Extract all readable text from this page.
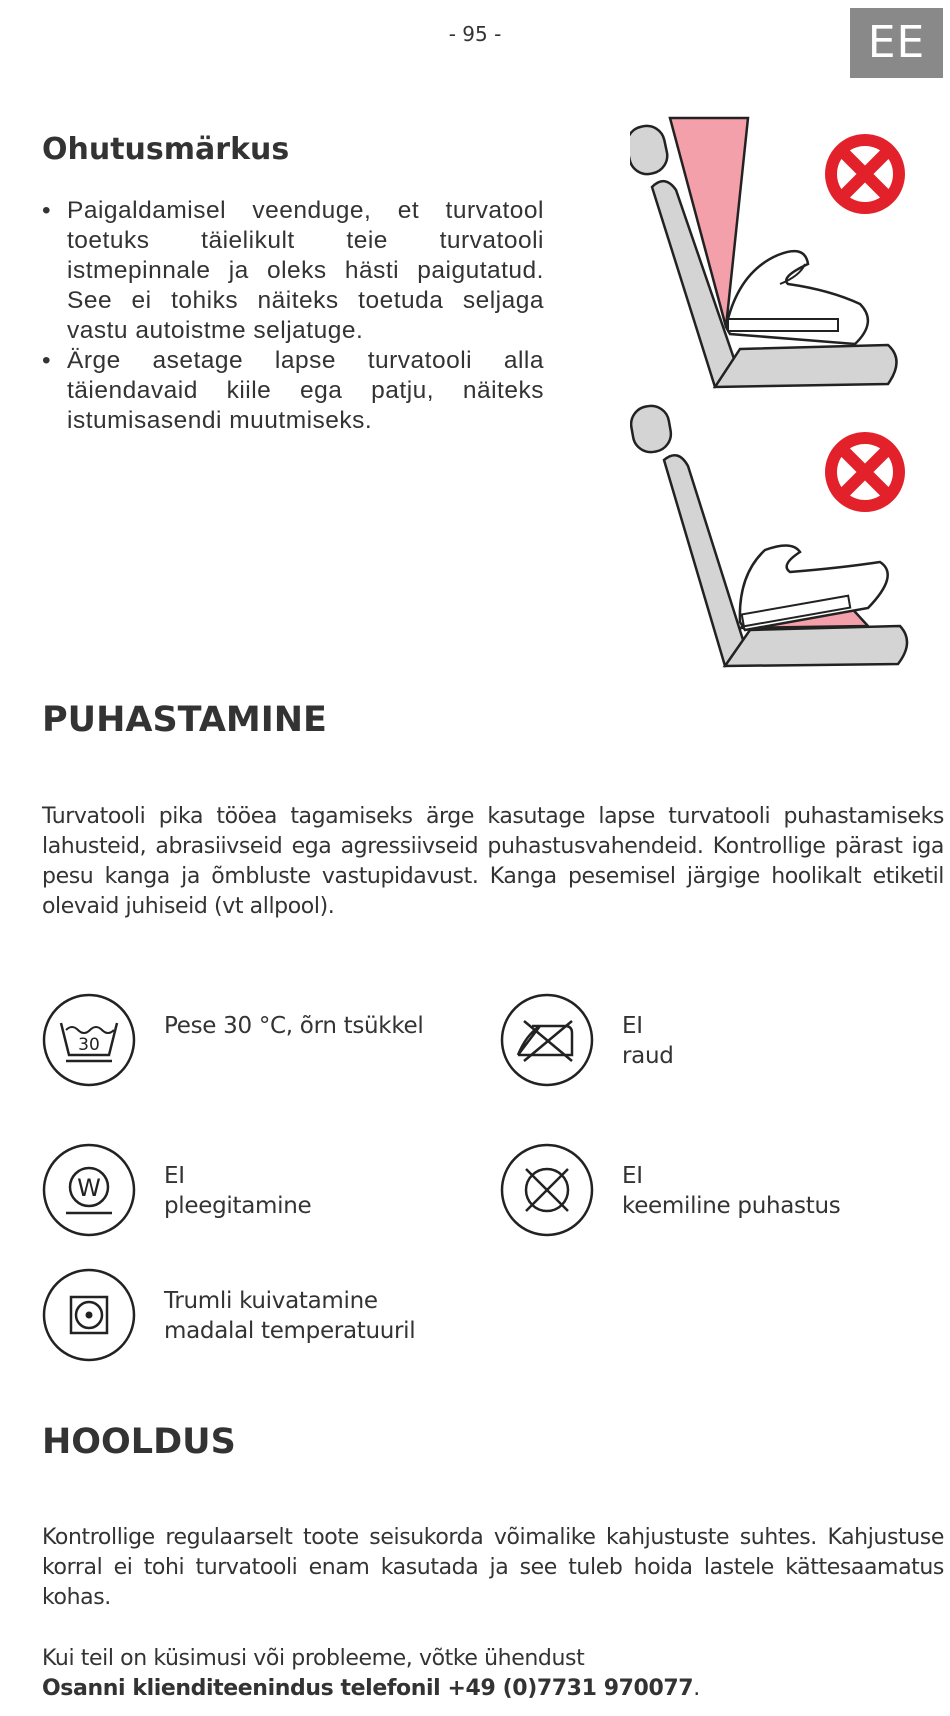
- 95 -	EE
Ohutusmärkus
• Paigaldamisel veenduge, et turvatool toetuks täielikult teie turvatooli istmepinnale ja oleks hästi paigutatud. See ei tohiks näiteks toetuda seljaga vastu autoistme seljatuge.
• Ärge asetage lapse turvatooli alla täiendavaid kiile ega patju, näiteks istumisasendi muutmiseks.
PUHASTAMINE

Turvatooli pika tööea tagamiseks ärge kasutage lapse turvatooli puhastamiseks lahusteid, abrasiivseid ega agressiivseid puhastusvahendeid. Kontrollige pärast iga pesu kanga ja õmbluste vastupidavust. Kanga pesemisel järgige hoolikalt etiketil olevaid juhiseid (vt allpool).

30
Pese 30 °C, õrn tsükkel	EI
raud
W	EI
pleegitamine
EI
keemiline puhastus
Trumli kuivatamine
madalal temperatuuril
HOOLDUS

Kontrollige regulaarselt toote seisukorda võimalike kahjustuste suhtes. Kahjustuse korral ei tohi turvatooli enam kasutada ja see tuleb hoida lastele kättesaamatus kohas.

Kui teil on küsimusi või probleeme, võtke ühendust
Osanni klienditeenindus telefonil +49 (0)7731 970077.
